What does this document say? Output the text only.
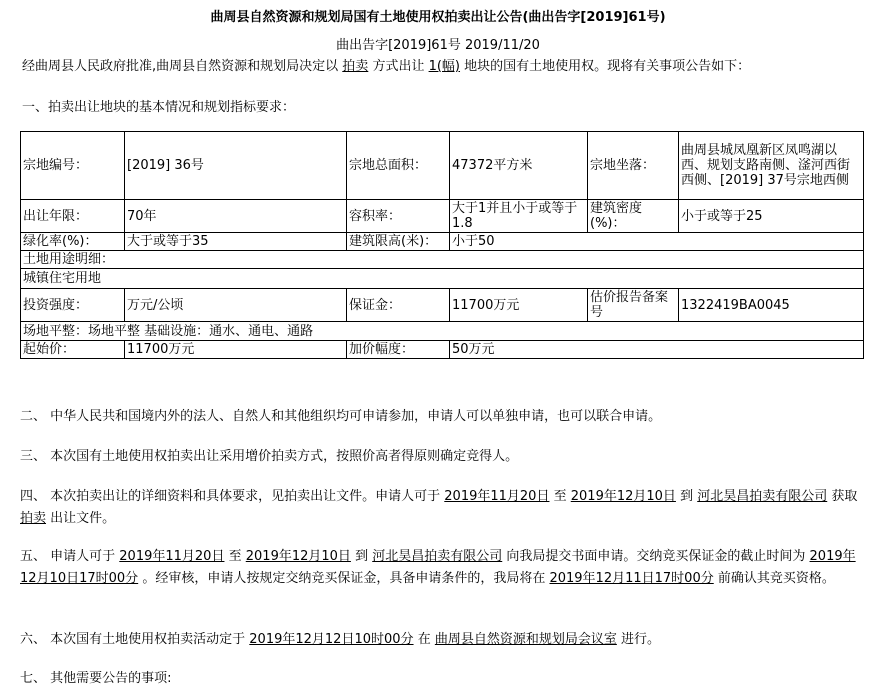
曲周县自然资源和规划局国有土地使用权拍卖出让公告(曲出告字[2019]61号)
曲出告字[2019]61号 2019/11/20
经曲周县人民政府批准,曲周县自然资源和规划局决定以 拍卖 方式出让 1(幅) 地块的国有土地使用权。现将有关事项公告如下：
一、拍卖出让地块的基本情况和规划指标要求：
宗地编号：	[2019] 36号	宗地总面积：	47372平方米	宗地坐落：	曲周县城凤凰新区凤鸣湖以西、规划支路南侧、滏河西街西侧、[2019] 37号宗地西侧
出让年限：	70年	容积率：	大于1并且小于或等于1.8	建筑密度(%)：	小于或等于25
绿化率(%)：	大于或等于35	建筑限高(米)：	小于50		
土地用途明细：					
城镇住宅用地					
投资强度：	万元/公顷	保证金：	11700万元	估价报告备案号	1322419BA0045
场地平整：场地平整 基础设施：通水、通电、通路					
起始价：	11700万元	加价幅度：	50万元		
二、 中华人民共和国境内外的法人、自然人和其他组织均可申请参加，申请人可以单独申请，也可以联合申请。
三、 本次国有土地使用权拍卖出让采用增价拍卖方式，按照价高者得原则确定竞得人。
四、 本次拍卖出让的详细资料和具体要求，见拍卖出让文件。申请人可于 2019年11月20日 至 2019年12月10日 到 河北昊昌拍卖有限公司 获取 拍卖 出让文件。
五、 申请人可于 2019年11月20日 至 2019年12月10日 到 河北昊昌拍卖有限公司 向我局提交书面申请。交纳竞买保证金的截止时间为 2019年12月10日17时00分 。经审核，申请人按规定交纳竞买保证金，具备申请条件的，我局将在 2019年12月11日17时00分 前确认其竞买资格。
六、 本次国有土地使用权拍卖活动定于 2019年12月12日10时00分 在 曲周县自然资源和规划局会议室 进行。
七、 其他需要公告的事项:
